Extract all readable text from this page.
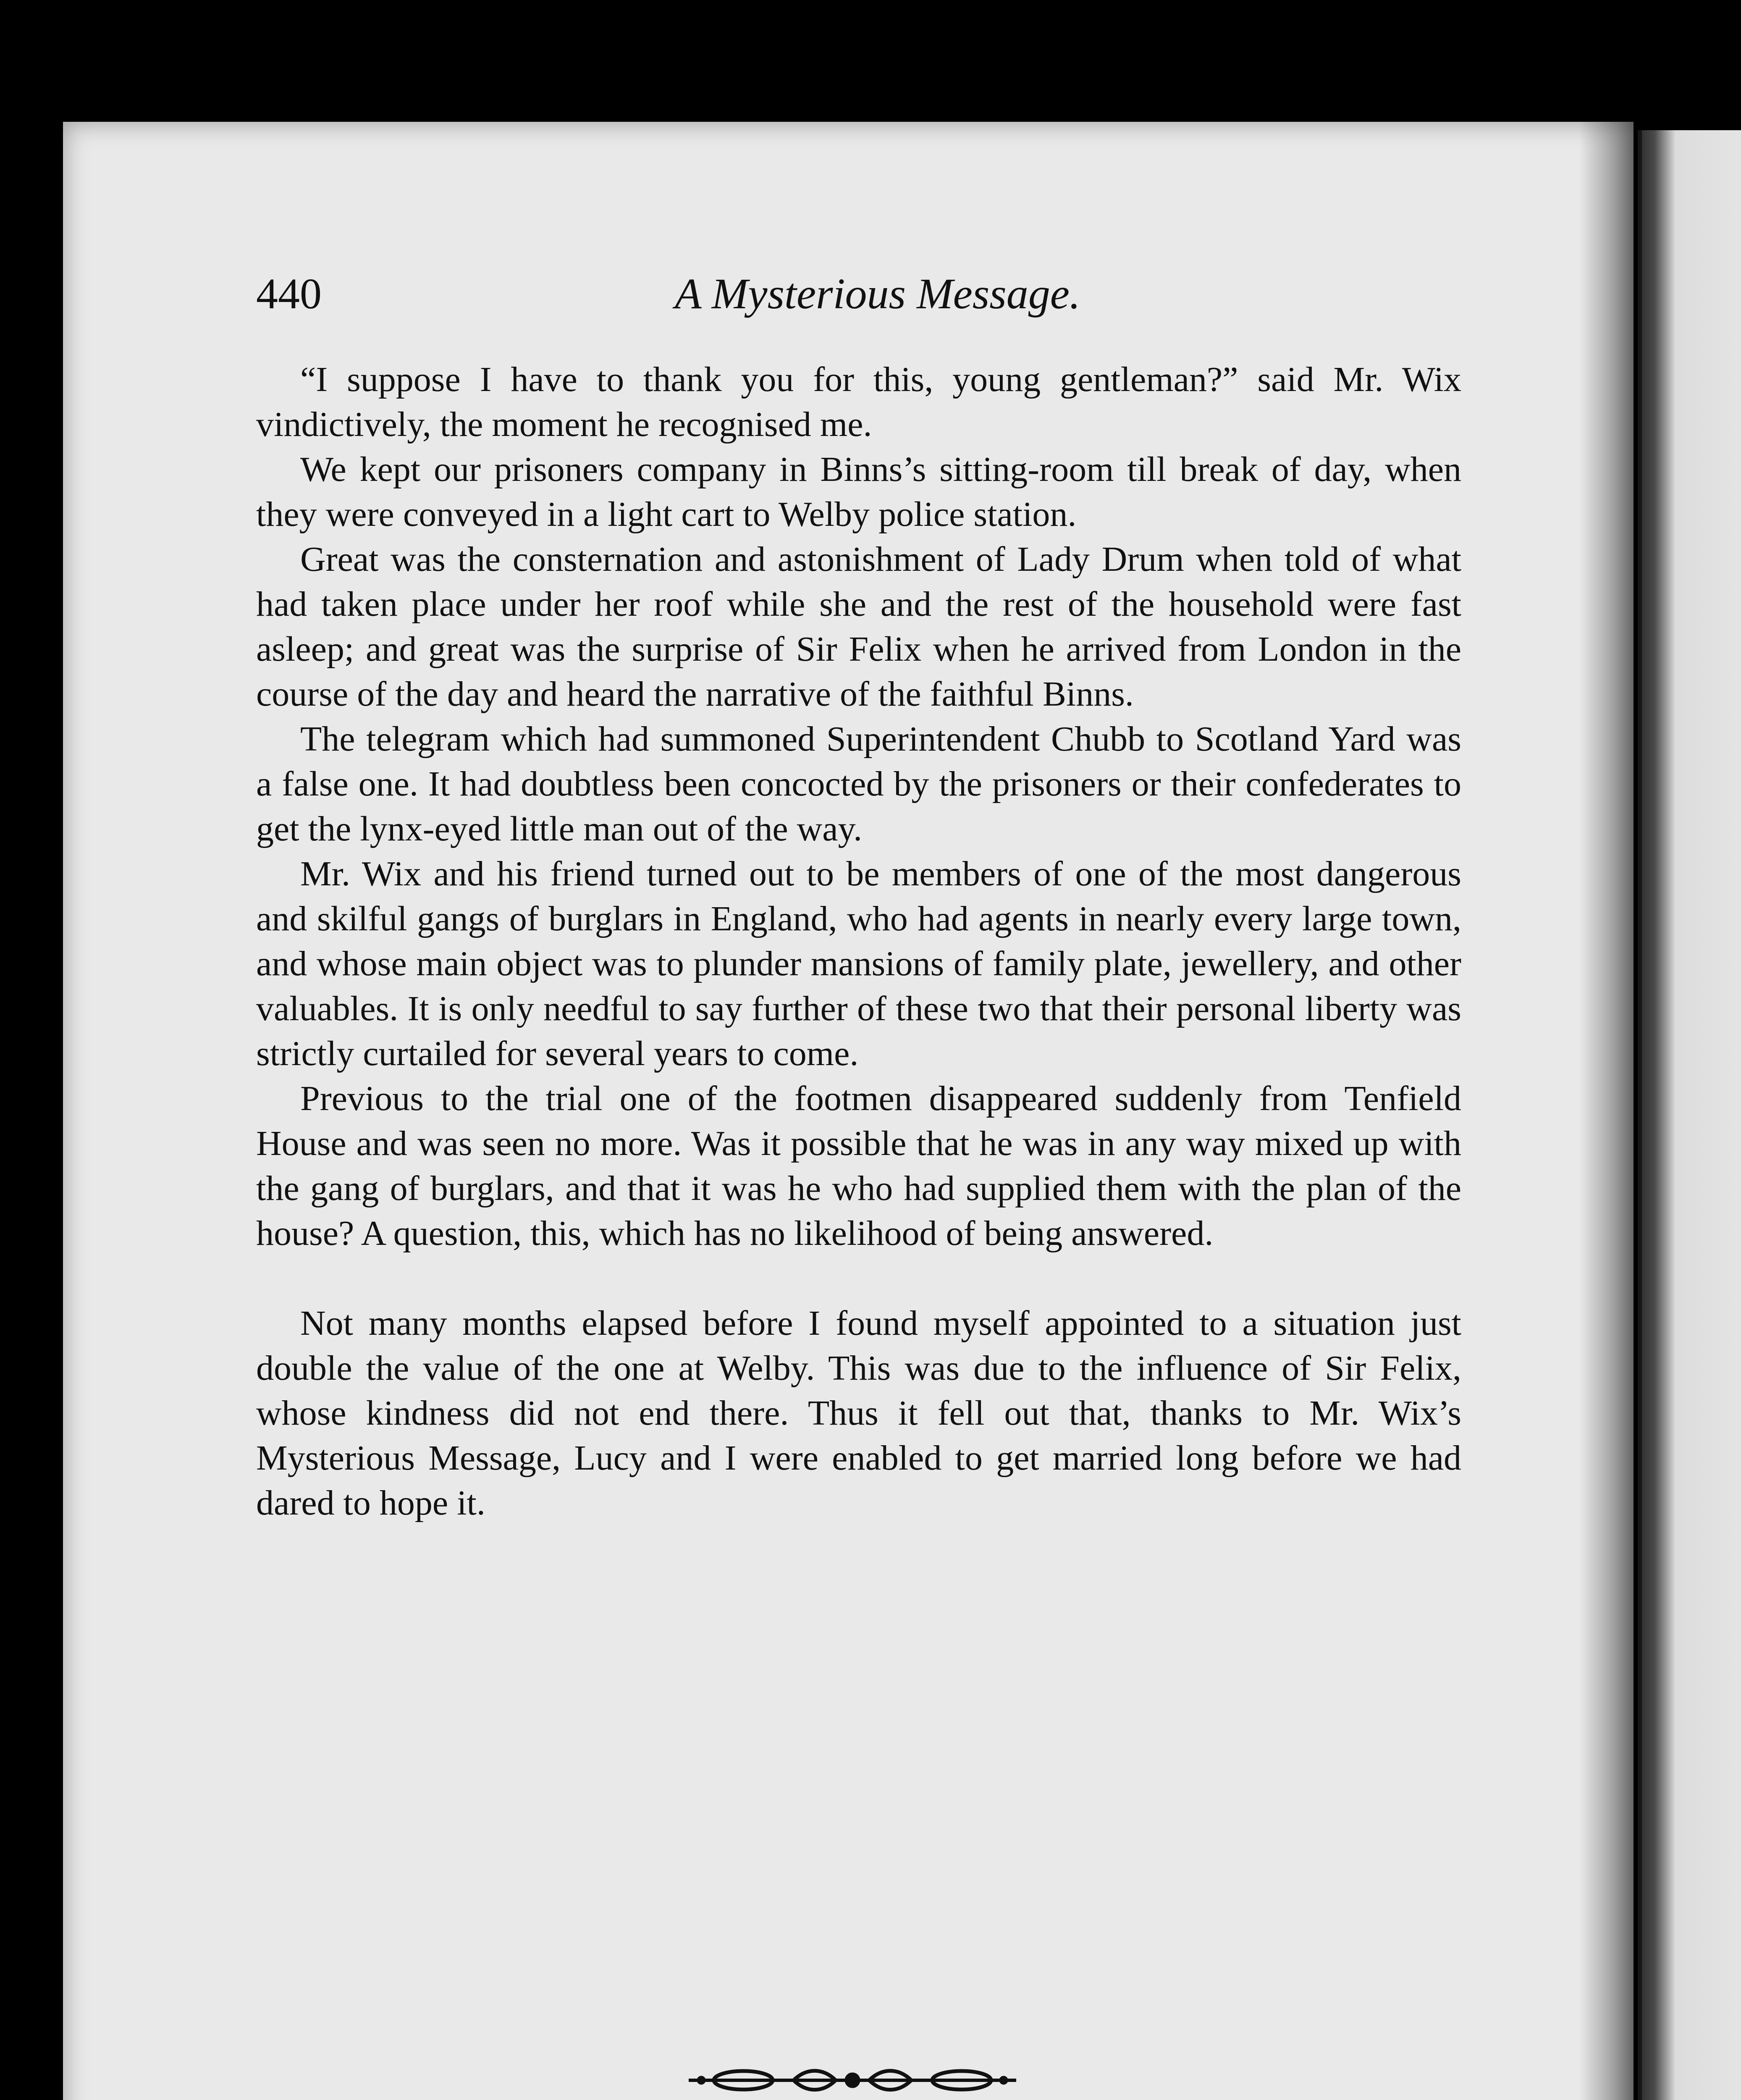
440	A Mysterious Message.

“I suppose I have to thank you for this, young gentleman?” said Mr. Wix vindictively, the moment he recognised me.

We kept our prisoners company in Binns’s sitting-room till break of day, when they were conveyed in a light cart to Welby police station.

Great was the consternation and astonishment of Lady Drum when told of what had taken place under her roof while she and the rest of the household were fast asleep; and great was the surprise of Sir Felix when he arrived from London in the course of the day and heard the narrative of the faithful Binns.

The telegram which had summoned Superintendent Chubb to Scotland Yard was a false one. It had doubtless been concocted by the prisoners or their confederates to get the lynx-eyed little man out of the way.

Mr. Wix and his friend turned out to be members of one of the most dangerous and skilful gangs of burglars in England, who had agents in nearly every large town, and whose main object was to plunder mansions of family plate, jewellery, and other valuables. It is only needful to say further of these two that their personal liberty was strictly curtailed for several years to come.

Previous to the trial one of the footmen disappeared suddenly from Tenfield House and was seen no more. Was it possible that he was in any way mixed up with the gang of burglars, and that it was he who had supplied them with the plan of the house? A question, this, which has no likelihood of being answered.

Not many months elapsed before I found myself appointed to a situation just double the value of the one at Welby. This was due to the influence of Sir Felix, whose kindness did not end there. Thus it fell out that, thanks to Mr. Wix’s Mysterious Message, Lucy and I were enabled to get married long before we had dared to hope it.
